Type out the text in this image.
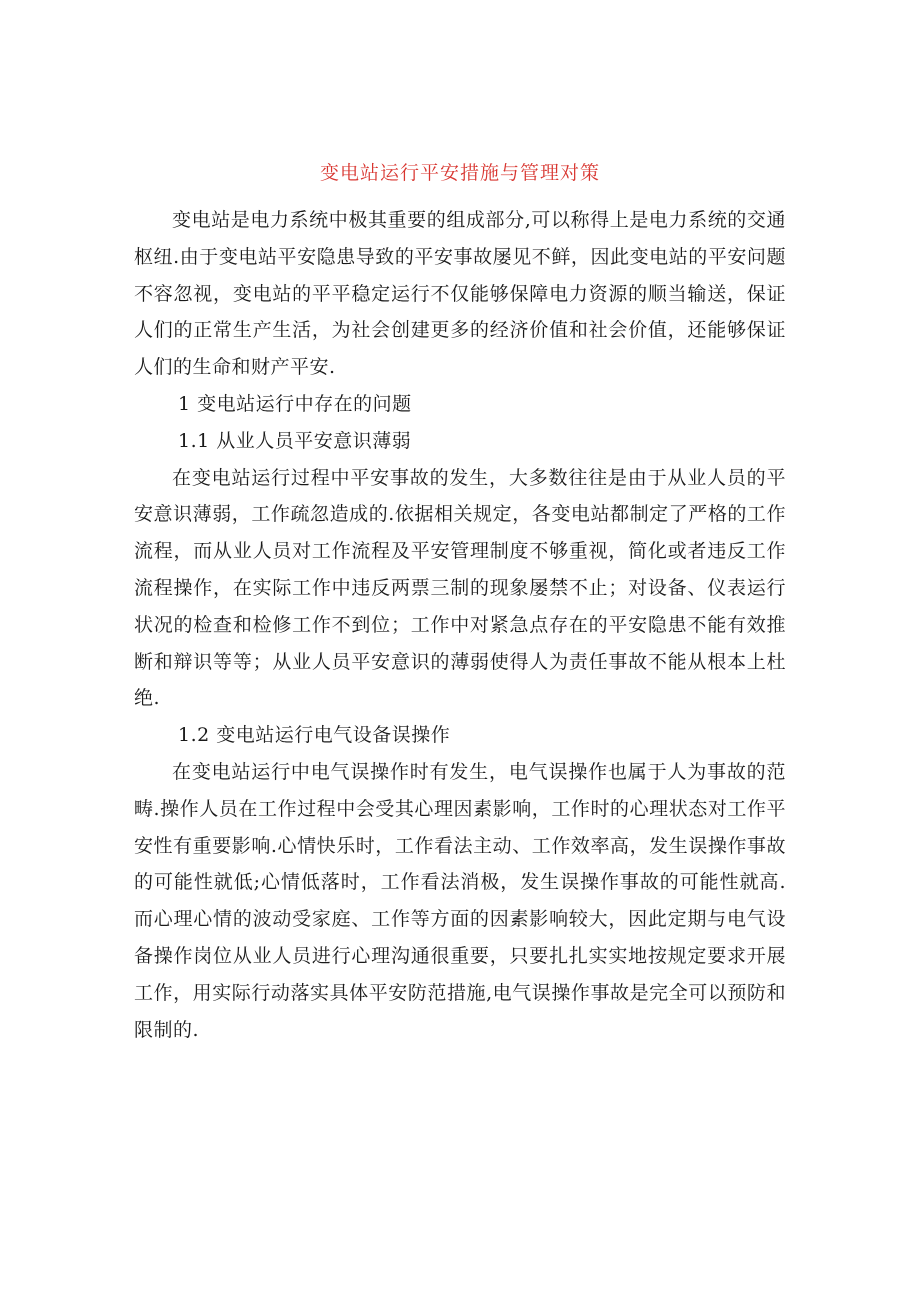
变电站运行平安措施与管理对策

变电站是电力系统中极其重要的组成部分,可以称得上是电力系统的交通枢纽.由于变电站平安隐患导致的平安事故屡见不鲜，因此变电站的平安问题不容忽视，变电站的平平稳定运行不仅能够保障电力资源的顺当输送，保证人们的正常生产生活，为社会创建更多的经济价值和社会价值，还能够保证人们的生命和财产平安.

1 变电站运行中存在的问题

1.1 从业人员平安意识薄弱

在变电站运行过程中平安事故的发生，大多数往往是由于从业人员的平安意识薄弱，工作疏忽造成的.依据相关规定，各变电站都制定了严格的工作流程，而从业人员对工作流程及平安管理制度不够重视，简化或者违反工作流程操作，在实际工作中违反两票三制的现象屡禁不止；对设备、仪表运行状况的检查和检修工作不到位；工作中对紧急点存在的平安隐患不能有效推断和辩识等等；从业人员平安意识的薄弱使得人为责任事故不能从根本上杜绝.

1.2 变电站运行电气设备误操作

在变电站运行中电气误操作时有发生，电气误操作也属于人为事故的范畴.操作人员在工作过程中会受其心理因素影响，工作时的心理状态对工作平安性有重要影响.心情快乐时，工作看法主动、工作效率高，发生误操作事故的可能性就低;心情低落时，工作看法消极，发生误操作事故的可能性就高.而心理心情的波动受家庭、工作等方面的因素影响较大，因此定期与电气设备操作岗位从业人员进行心理沟通很重要，只要扎扎实实地按规定要求开展工作，用实际行动落实具体平安防范措施,电气误操作事故是完全可以预防和限制的.
